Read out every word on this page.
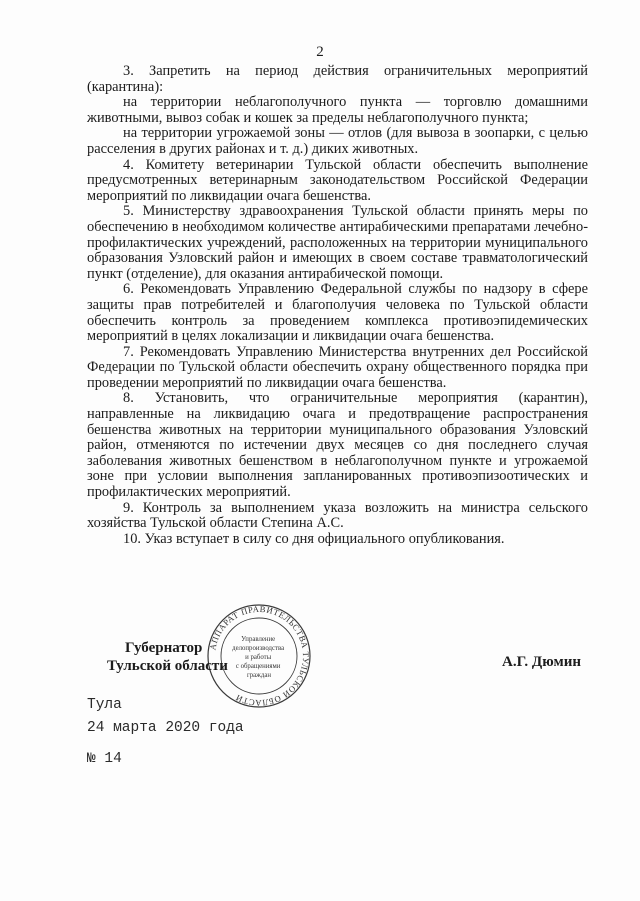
2

3. Запретить на период действия ограничительных мероприятий (карантина):

на территории неблагополучного пункта — торговлю домашними животными, вывоз собак и кошек за пределы неблагополучного пункта;

на территории угрожаемой зоны — отлов (для вывоза в зоопарки, с целью расселения в других районах и т. д.) диких животных.

4. Комитету ветеринарии Тульской области обеспечить выполнение предусмотренных ветеринарным законодательством Российской Федерации мероприятий по ликвидации очага бешенства.

5. Министерству здравоохранения Тульской области принять меры по обеспечению в необходимом количестве антирабическими препаратами лечебно-профилактических учреждений, расположенных на территории муниципального образования Узловский район и имеющих в своем составе травматологический пункт (отделение), для оказания антирабической помощи.

6. Рекомендовать Управлению Федеральной службы по надзору в сфере защиты прав потребителей и благополучия человека по Тульской области обеспечить контроль за проведением комплекса противоэпидемических мероприятий в целях локализации и ликвидации очага бешенства.

7. Рекомендовать Управлению Министерства внутренних дел Российской Федерации по Тульской области обеспечить охрану общественного порядка при проведении мероприятий по ликвидации очага бешенства.

8. Установить, что ограничительные мероприятия (карантин), направленные на ликвидацию очага и предотвращение распространения бешенства животных на территории муниципального образования Узловский район, отменяются по истечении двух месяцев со дня последнего случая заболевания животных бешенством в неблагополучном пункте и угрожаемой зоне при условии выполнения запланированных противоэпизоотических и профилактических мероприятий.

9. Контроль за выполнением указа возложить на министра сельского хозяйства Тульской области Степина А.С.

10. Указ вступает в силу со дня официального опубликования.

АППАРАТ ПРАВИТЕЛЬСТВА ТУЛЬСКОЙ ОБЛАСТИ
Управление делопроизводства и работы с обращениями граждан
Губернатор
Тульской области	А.Г. Дюмин
Тула
24 марта 2020 года
№ 14
